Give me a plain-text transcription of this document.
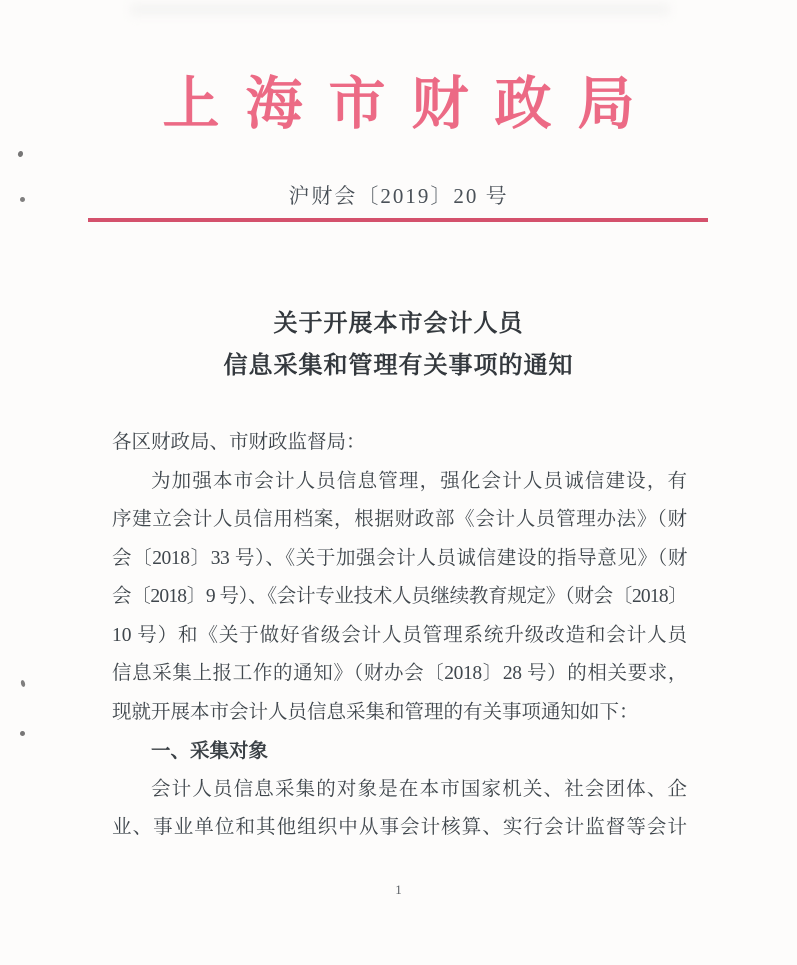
上海市财政局
沪财会〔2019〕20 号
关于开展本市会计人员
信息采集和管理有关事项的通知
各区财政局、市财政监督局：
为加强本市会计人员信息管理，强化会计人员诚信建设，有
序建立会计人员信用档案，根据财政部《会计人员管理办法》（财
会〔2018〕33 号）、《关于加强会计人员诚信建设的指导意见》（财
会〔2018〕9 号）、《会计专业技术人员继续教育规定》（财会〔2018〕
10 号）和《关于做好省级会计人员管理系统升级改造和会计人员
信息采集上报工作的通知》（财办会〔2018〕28 号）的相关要求，
现就开展本市会计人员信息采集和管理的有关事项通知如下：
一、采集对象
会计人员信息采集的对象是在本市国家机关、社会团体、企
业、事业单位和其他组织中从事会计核算、实行会计监督等会计
1
